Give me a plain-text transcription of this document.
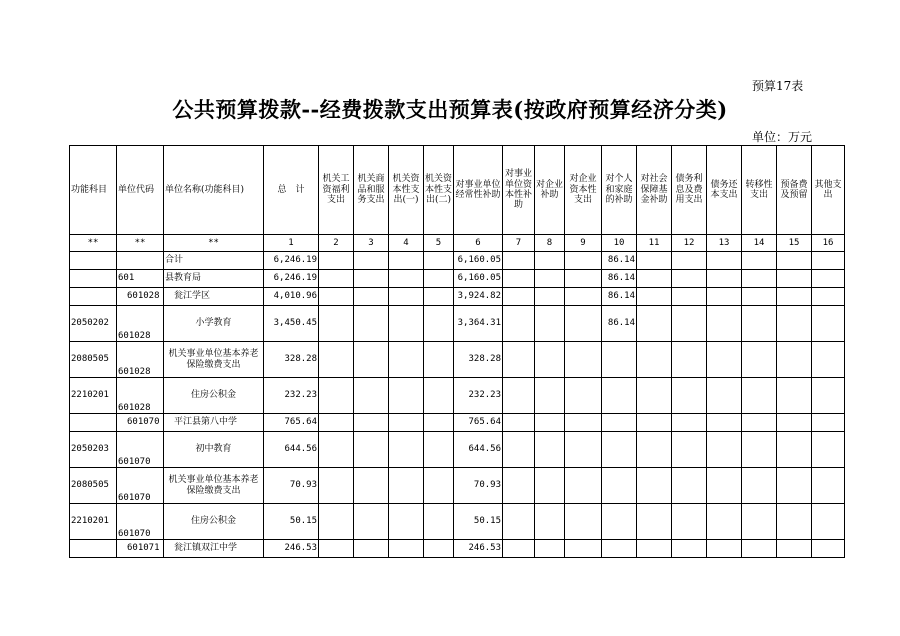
预算17表
公共预算拨款--经费拨款支出预算表(按政府预算经济分类)
单位：万元
功能科目	单位代码	单位名称(功能科目)	总　计	机关工资福利支出	机关商品和服务支出	机关资本性支出(一)	机关资本性支出(二)	对事业单位经常性补助	对事业单位资本性补助	对企业补助	对企业资本性支出	对个人和家庭的补助	对社会保障基金补助	债务利息及费用支出	债务还本支出	转移性支出	预备费及预留	其他支出
**	**	**	1	2	3	4	5	6	7	8	9	10	11	12	13	14	15	16
		合计	6,246.19					6,160.05				86.14						
	601	县教育局	6,246.19					6,160.05				86.14						
	601028	瓮江学区	4,010.96					3,924.82				86.14						
2050202	601028	小学教育	3,450.45					3,364.31				86.14						
2080505	601028	机关事业单位基本养老保险缴费支出	328.28					328.28										
2210201	601028	住房公积金	232.23					232.23										
	601070	平江县第八中学	765.64					765.64										
2050203	601070	初中教育	644.56					644.56										
2080505	601070	机关事业单位基本养老保险缴费支出	70.93					70.93										
2210201	601070	住房公积金	50.15					50.15										
	601071	瓮江镇双江中学	246.53					246.53										
